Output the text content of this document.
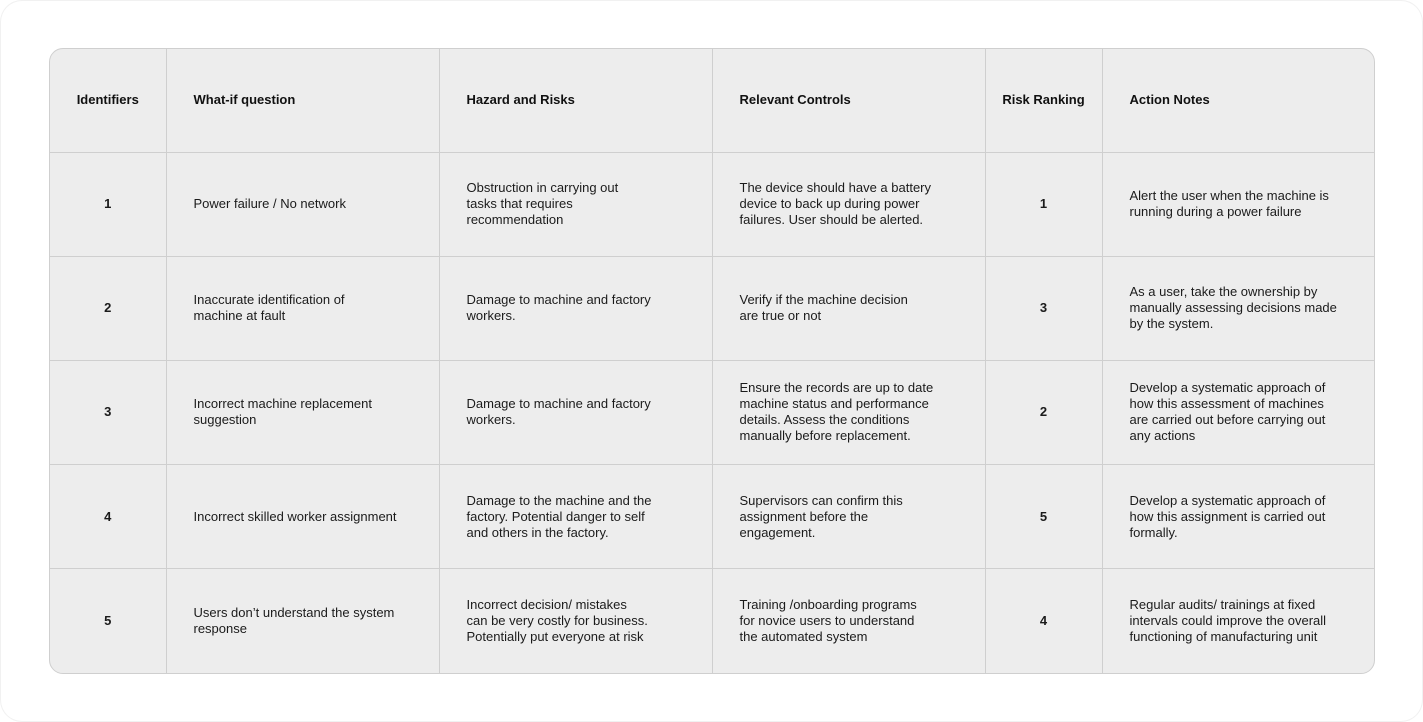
Identifiers	What-if question	Hazard and Risks	Relevant Controls	Risk Ranking	Action Notes
1	Power failure / No network	Obstruction in carrying out
tasks that requires
recommendation	The device should have a battery
device to back up during power
failures. User should be alerted.	1	Alert the user when the machine is
running during a power failure

2	Inaccurate identification of
machine at fault	Damage to machine and factory
workers.	Verify if the machine decision
are true or not	3	As a user, take the ownership by
manually assessing decisions made
by the system.

3	Incorrect machine replacement
suggestion	Damage to machine and factory
workers.	Ensure the records are up to date
machine status and performance
details. Assess the conditions
manually before replacement.	2	Develop a systematic approach of
how this assessment of machines
are carried out before carrying out
any actions

4	Incorrect skilled worker assignment	Damage to the machine and the
factory. Potential danger to self
and others in the factory.	Supervisors can confirm this
assignment before the
engagement.	5	Develop a systematic approach of
how this assignment is carried out
formally.

5	Users don’t understand the system
response	Incorrect decision/ mistakes
can be very costly for business.
Potentially put everyone at risk	Training /onboarding programs
for novice users to understand
the automated system	4	Regular audits/ trainings at fixed
intervals could improve the overall
functioning of manufacturing unit
